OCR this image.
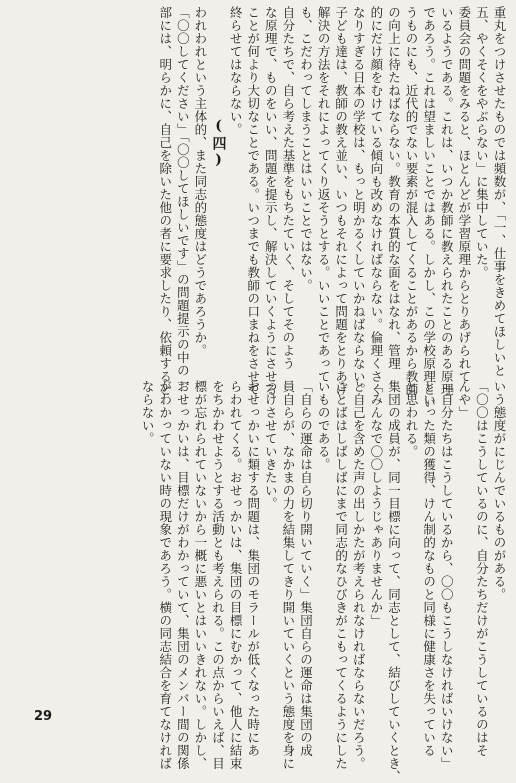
重丸をつけさせたものでは頻数が、「一、仕事をきめてほしいと
五、やくそくをやぶらない」に集中していた。
委員会の問題をみると、ほとんどが学習原理からとりあげられて
いるようである。これは、いつか教師に教えられたことのある原理
であろう。これは望ましいことではある。しかし、この学校原理とい
うものにも、近代的でない要素が混入してくることがあるから教師
の向上に待たねばならない。教育の本質的な面をはなれ、管理
的にだけ顔をむけている傾向も改めなければならない。倫理くさく
なりすぎる日本の学校は、もっと明かるくしていかねばならない。
子ども達は、教師の教え並い、いつもそれによって問題をとりあげ
解決の方法をそれによってくり返そうとする。いいことであって
も、こだわってしまうことはいいことではない。
自分たちで、自ら考えた基準をもちたていく、そしてそのよう
な原理で、ものをいい、問題を提示し、解決していくようにさせる
ことが何より大切なことである。いつまでも教師の口まねをさせて
終らせてはならない。
(四)
われわれという主体的、また同志的態度はどうであろうか。
「〇〇してください」「〇〇してほしいです」の問題提示の中の一
部には、明らかに、自己を除いた他の者に要求したり、依頼すると
いう態度がにじんでいるものがある。
「〇〇はこうしているのに、自分たちだけがこうしているのはそ
んや」
「自分たちはこうしているから、〇〇もこうしなければいけない」
といった類の獲得、けん制的なものと同様に健康さを失っている
と思われる。
集団の成員が、同一目標に向って、同志として、結びしていくとき、
「みんなで〇〇しようじゃありませんか」
と自己を含めた声の出しかたが考えられなければならないだろう。
ことばはしばしばにまで同志的なひびきがこもってくるようにした
いものである。
「自らの運命は自ら切り開いていく」集団自らの運命は集団の成
員自らが、なかまの力を結集してきり開いていくという態度を身に
つけさせていきたい。
おせっかいに類する問題は、集団のモラールが低くなった時にあ
らわれてくる。おせっかいは、集団の目標にむかって、他人に結束
をちかわせようとする活動とも考えられる。この点からいえば、目
標が忘れられていないから一概に悪いとはいいきれない。しかし、
おせっかいは、目標だけがわかっていて、集団のメンバー間の関係
がわかっていない時の現象であろう。横の同志結合を育てなければ
ならない。
29
